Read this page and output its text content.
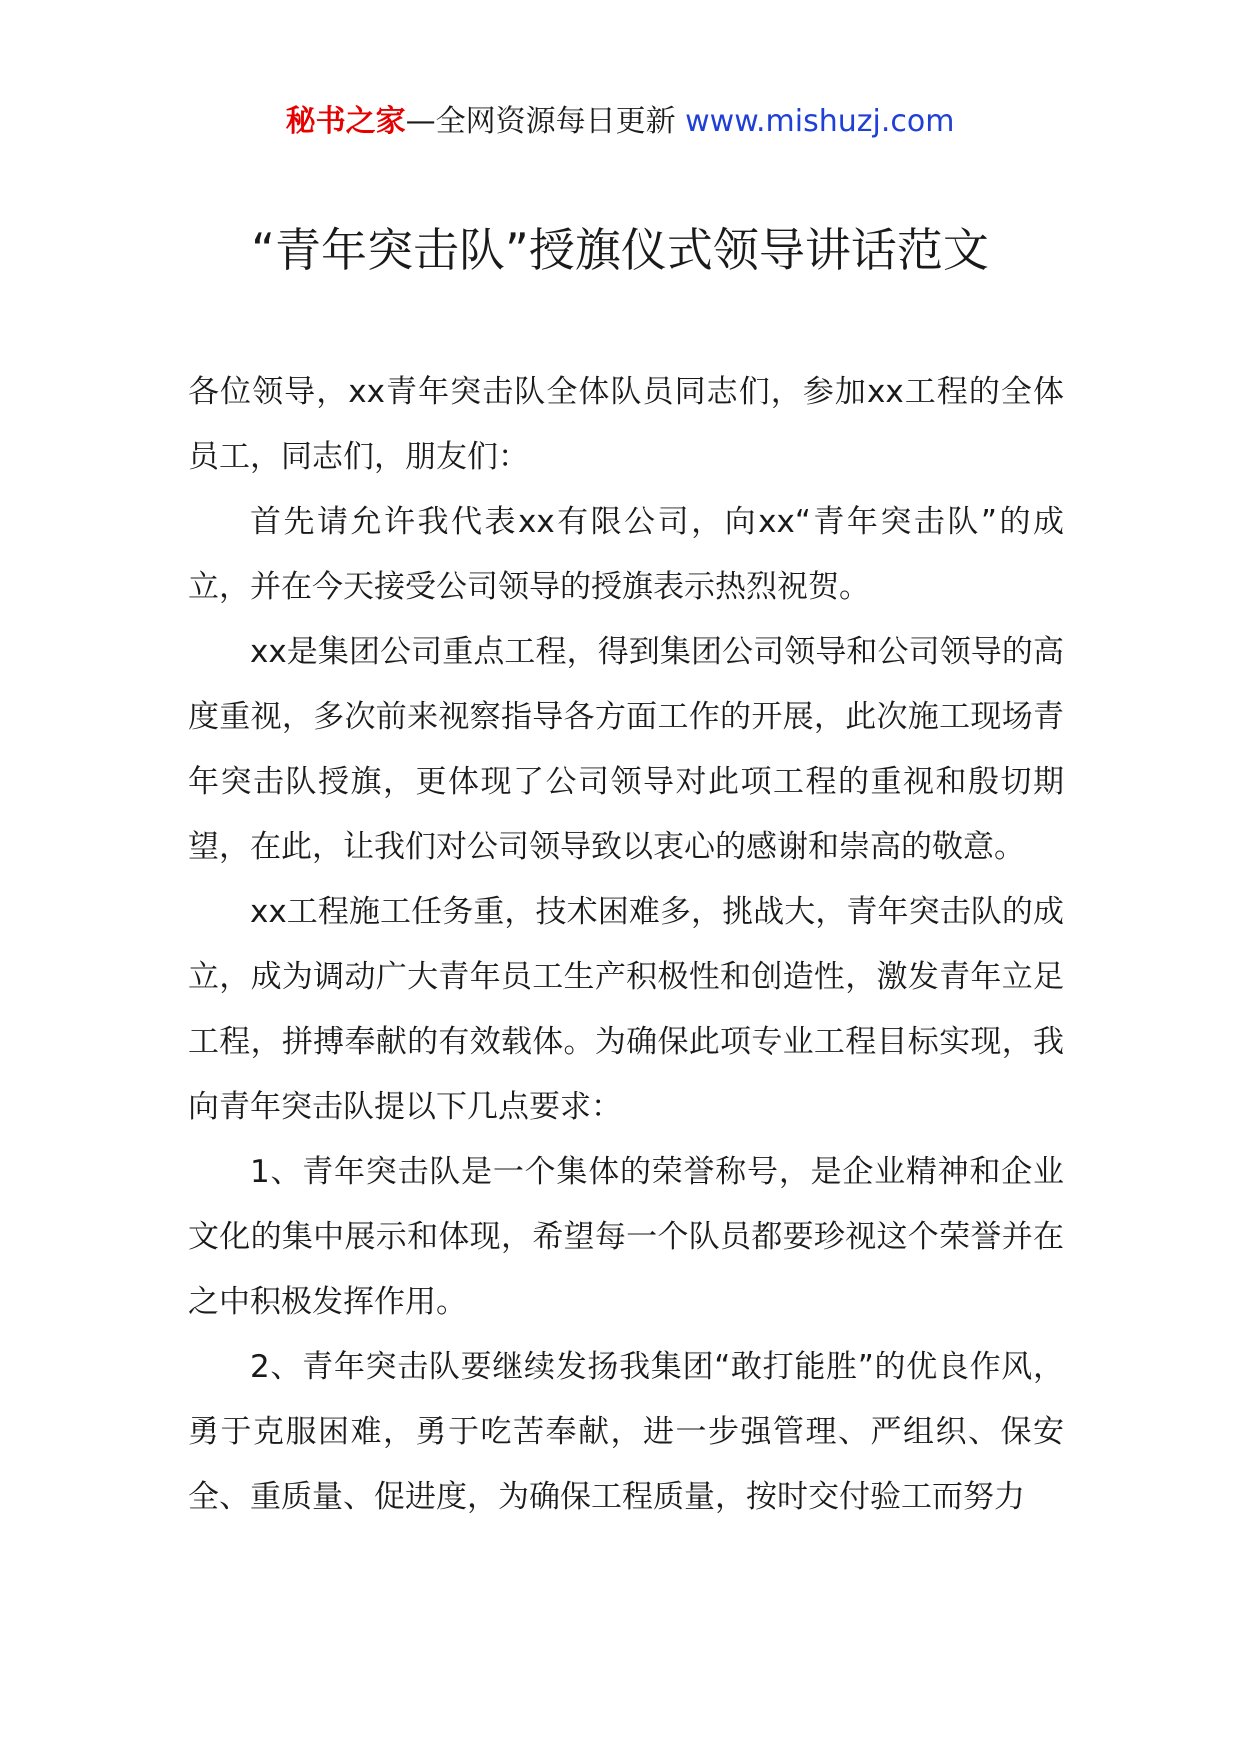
秘书之家—全网资源每日更新 www.mishuzj.com
“青年突击队”授旗仪式领导讲话范文

各位领导，xx青年突击队全体队员同志们，参加xx工程的全体员工，同志们，朋友们：

首先请允许我代表xx有限公司，向xx“青年突击队”的成立，并在今天接受公司领导的授旗表示热烈祝贺。

xx是集团公司重点工程，得到集团公司领导和公司领导的高度重视，多次前来视察指导各方面工作的开展，此次施工现场青年突击队授旗，更体现了公司领导对此项工程的重视和殷切期望，在此，让我们对公司领导致以衷心的感谢和崇高的敬意。

xx工程施工任务重，技术困难多，挑战大，青年突击队的成立，成为调动广大青年员工生产积极性和创造性，激发青年立足工程，拼搏奉献的有效载体。为确保此项专业工程目标实现，我向青年突击队提以下几点要求：

1、青年突击队是一个集体的荣誉称号，是企业精神和企业文化的集中展示和体现，希望每一个队员都要珍视这个荣誉并在之中积极发挥作用。

2、青年突击队要继续发扬我集团“敢打能胜”的优良作风，勇于克服困难，勇于吃苦奉献，进一步强管理、严组织、保安全、重质量、促进度，为确保工程质量，按时交付验工而努力
